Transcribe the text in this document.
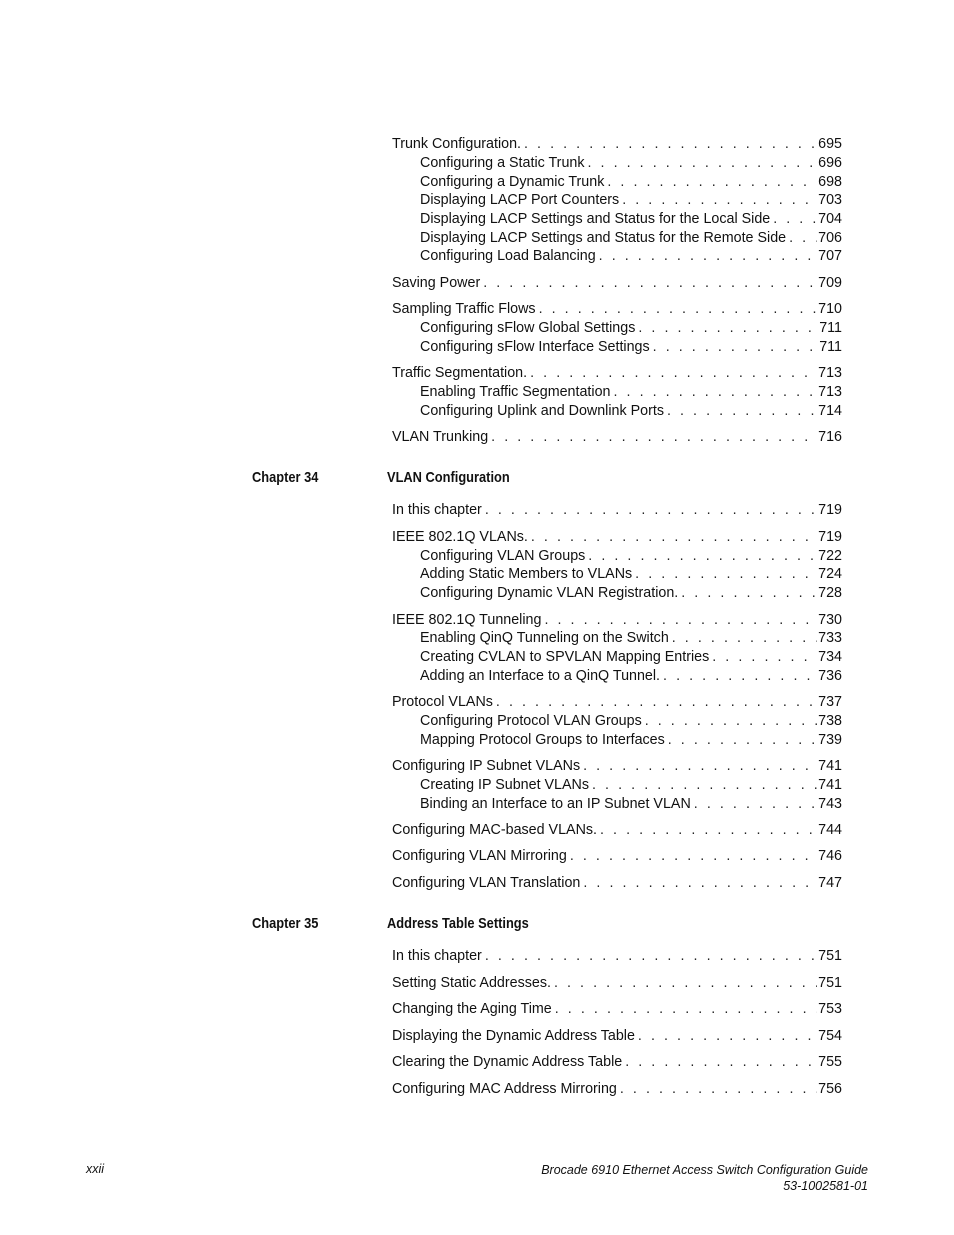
Trunk Configuration. . . .	695
Configuring a Static Trunk . . .	696
Configuring a Dynamic Trunk . . .	698
Displaying LACP Port Counters . . .	703
Displaying LACP Settings and Status for the Local Side . . .	704
Displaying LACP Settings and Status for the Remote Side . . . 706
Configuring Load Balancing . . .	707
Saving Power . . .	709
Sampling Traffic Flows . . .	710
Configuring sFlow Global Settings . . .	711
Configuring sFlow Interface Settings . . .	711
Traffic Segmentation. . . .	713
Enabling Traffic Segmentation . . .	713
Configuring Uplink and Downlink Ports . . .	714
VLAN Trunking . . .	716
Chapter 34	VLAN Configuration
In this chapter . . .	719
IEEE 802.1Q VLANs. . . .	719
Configuring VLAN Groups . . .	722
Adding Static Members to VLANs . . .	724
Configuring Dynamic VLAN Registration. . . .	728
IEEE 802.1Q Tunneling . . .	730
Enabling QinQ Tunneling on the Switch . . .	733
Creating CVLAN to SPVLAN Mapping Entries . . .	734
Adding an Interface to a QinQ Tunnel. . . .	736
Protocol VLANs . . .	737
Configuring Protocol VLAN Groups . . .	738
Mapping Protocol Groups to Interfaces . . .	739
Configuring IP Subnet VLANs . . .	741
Creating IP Subnet VLANs . . .	741
Binding an Interface to an IP Subnet VLAN . . .	743
Configuring MAC-based VLANs. . . .	744
Configuring VLAN Mirroring . . .	746
Configuring VLAN Translation . . .	747
Chapter 35	Address Table Settings
In this chapter . . .	751
Setting Static Addresses. . . .	751
Changing the Aging Time . . .	753
Displaying the Dynamic Address Table . . .	754
Clearing the Dynamic Address Table . . .	755
Configuring MAC Address Mirroring . . .	756
xxii	Brocade 6910 Ethernet Access Switch Configuration Guide
53-1002581-01
